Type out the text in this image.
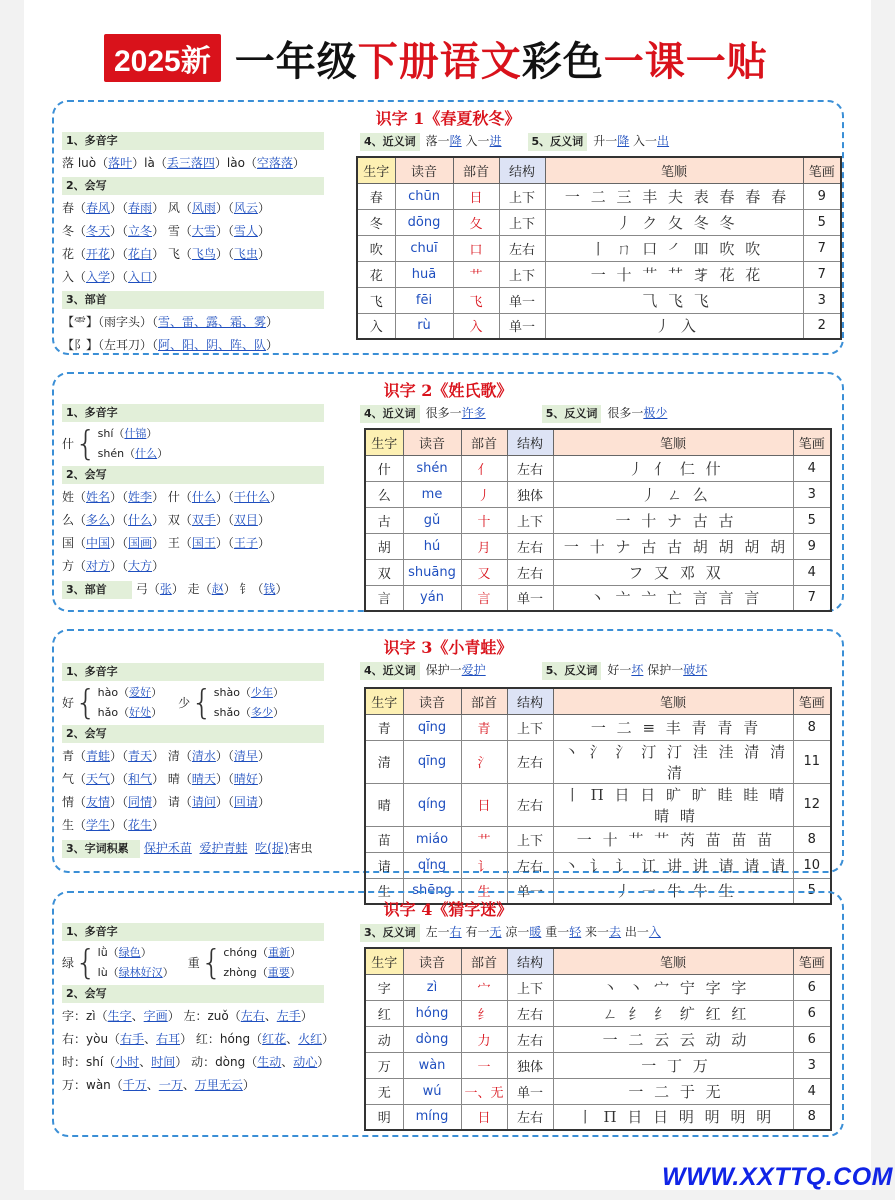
2025新 一年级下册语文彩色一课一贴
识字 1《春夏秋冬》
1、多音字
落 luò（落叶）là（丢三落四）lào（空落落）
2、会写
春（春风）（春雨） 风（风雨）（风云）
冬（冬天）（立冬） 雪（大雪）（雪人）
花（开花）（花白） 飞（飞鸟）（飞虫）
入（入学）（入口）
3、部首
【⻗】（雨字头）（雪、雷、露、霜、雾）
【阝】（左耳刀）（阿、阳、阴、阵、队）
4、近义词 落一降 入一进	5、反义词 升一降 入一出
生字	读音	部首	结构	笔顺	笔画
春	chūn	日	上下	一 二 三 丰 夫 表 春 春 春	9
冬	dōng	夂	上下	丿 ク 夂 冬 冬	5
吹	chuī	口	左右	丨 ㄇ 口 ㇒ 吅 吹 吹	7
花	huā	艹	上下	一 十 艹 ⺿ 𦬁 花 花	7
飞	fēi	飞	单一	⺄ 飞 飞	3
入	rù	入	单一	丿 入	2
识字 2《姓氏歌》
1、多音字
什 { shí（什锦）
shén（什么）
2、会写
姓（姓名）（姓李） 什（什么）（干什么）
么（多么）（什么） 双（双手）（双目）
国（中国）（国画） 王（国王）（王子）
方（对方）（大方）
3、部首 弓（张） 走（赵） 钅（钱）
4、近义词 很多一许多	5、反义词 很多一极少
生字	读音	部首	结构	笔顺	笔画
什	shén	亻	左右	丿 亻 仁 什	4
么	me	丿	独体	丿 ㄥ 么	3
古	gǔ	十	上下	一 十 ナ 古 古	5
胡	hú	月	左右	一 十 ナ 古 古 胡 胡 胡 胡	9
双	shuāng	又	左右	フ 又 邓 双	4
言	yán	言	单一	丶 亠 亠 亡 言 言 言	7
识字 3《小青蛙》
1、多音字
好 { hào（爱好）
hǎo（好处）
少 { shào（少年）
shǎo（多少）
2、会写
青（青蛙）（青天） 清（清水）（清早）
气（天气）（和气） 晴（晴天）（晴好）
情（友情）（同情） 请（请问）（回请）
生（学生）（花生）
3、字词积累 保护禾苗 爱护青蛙 吃(捉)害虫
4、近义词 保护一爱护	5、反义词 好一坏 保护一破坏
生字	读音	部首	结构	笔顺	笔画
青	qīng	青	上下	一 二 ≡ 丰 青 青 青	8
清	qīng	氵	左右	丶 氵 氵 汀 汀 洼 洼 清 清 清	11
晴	qíng	日	左右	丨 П 日 日 旷 旷 眭 眭 晴 晴 晴	12
苗	miáo	艹	上下	一 十 艹 艹 芮 苗 苗 苗	8
请	qǐng	讠	左右	丶 讠 讠 讧 讲 讲 请 请 请	10
生	shēng	生	单一	丿 ㇐ 牛 牛 生	5
识字 4《猜字迷》
1、多音字
绿 { lǜ（绿色）
lù（绿林好汉）
重 { chóng（重新）
zhòng（重要）
2、会写
字：zì（生字、字画） 左：zuǒ（左右、左手）
右：yòu（右手、右耳） 红：hóng（红花、火红）
时：shí（小时、时间） 动：dòng（生动、动心）
万：wàn（千万、一万、万里无云）
3、反义词 左一右 有一无 凉一暖 重一轻 来一去 出一入
生字	读音	部首	结构	笔顺	笔画
字	zì	宀	上下	丶 丶 宀 宁 字 字	6
红	hóng	纟	左右	ㄥ 纟 纟 纩 红 红	6
动	dòng	力	左右	一 二 云 云 动 动	6
万	wàn	一	独体	一 丁 万	3
无	wú	一、无	单一	一 二 于 无	4
明	míng	日	左右	丨 П 日 日 明 明 明 明	8
WWW.XXTTQ.COM
